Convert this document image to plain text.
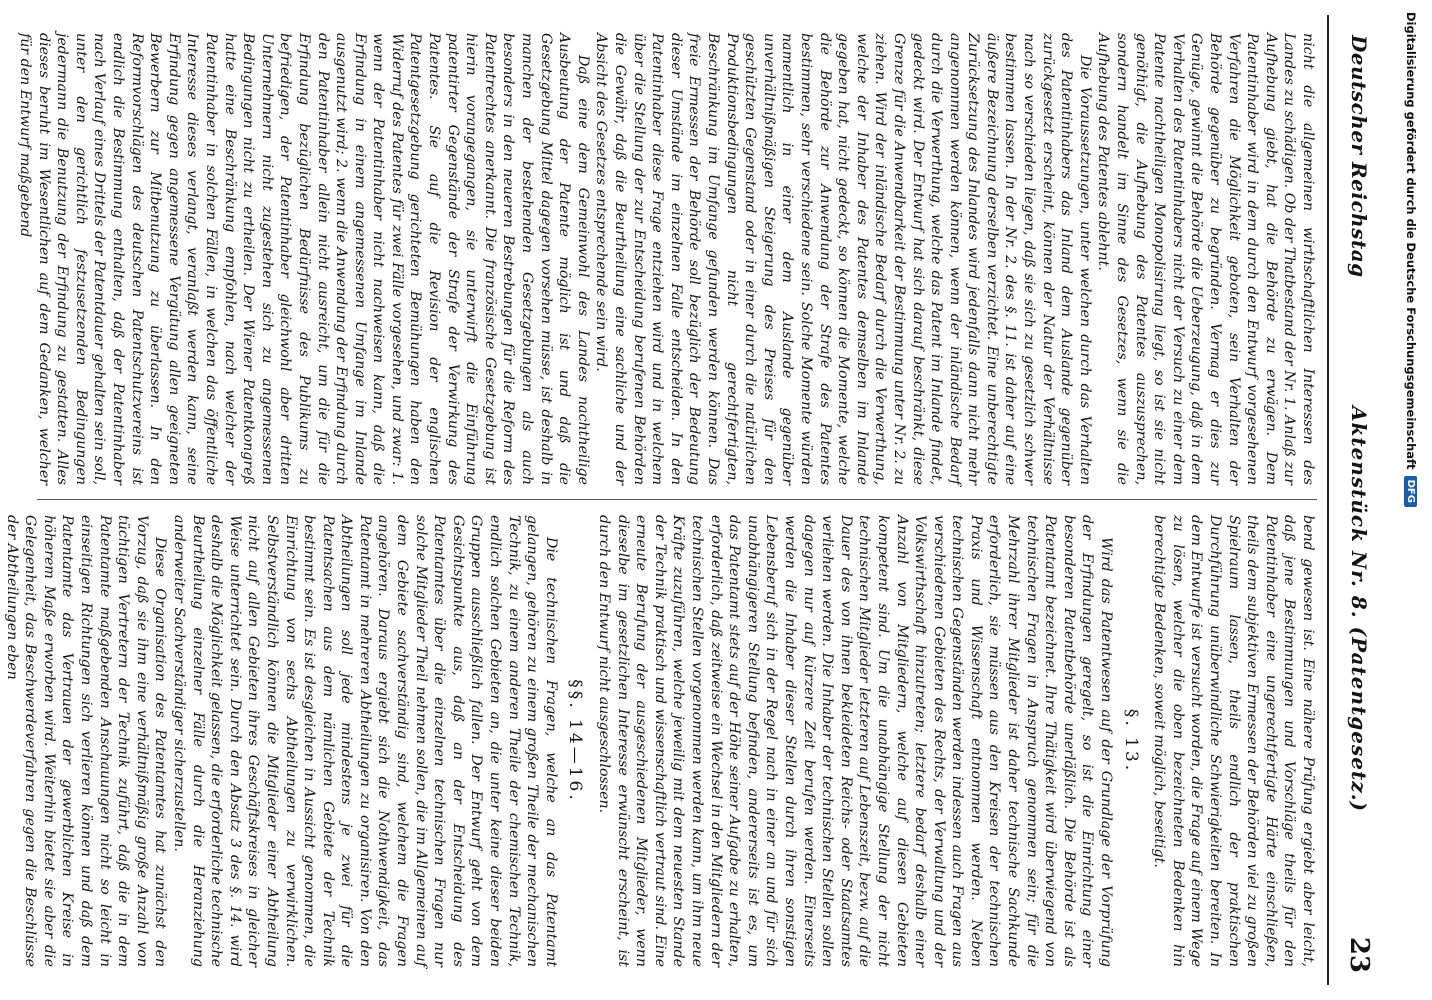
Deutscher Reichstag
Aktenstück Nr. 8. (Patentgesetz.)
23

nicht die allgemeinen wirthschaftlichen Interessen des Landes zu schädigen. Ob der Thatbestand der Nr. 1. Anlaß zur Aufhebung giebt, hat die Behörde zu erwägen. Dem Patentinhaber wird in dem durch den Entwurf vorgesehenen Verfahren die Möglichkeit geboten, sein Verhalten der Behörde gegenüber zu begründen. Vermag er dies zur Genüge, gewinnt die Behörde die Ueberzeugung, daß in dem Verhalten des Patentinhabers nicht der Versuch zu einer dem Patente nachtheiligen Monopolisirung liegt, so ist sie nicht genöthigt, die Aufhebung des Patentes auszusprechen, sondern handelt im Sinne des Gesetzes, wenn sie die Aufhebung des Patentes ablehnt.

Die Voraussetzungen, unter welchen durch das Verhalten des Patentinhabers das Inland dem Auslande gegenüber zurückgesetzt erscheint, können der Natur der Verhältnisse nach so verschieden liegen, daß sie sich zu gesetzlich schwer bestimmen lassen. In der Nr. 2. des §. 11. ist daher auf eine äußere Bezeichnung derselben verzichtet. Eine unberechtigte Zurücksetzung des Inlandes wird jedenfalls dann nicht mehr angenommen werden können, wenn der inländische Bedarf durch die Verwerthung, welche das Patent im Inlande findet, gedeckt wird. Der Entwurf hat sich darauf beschränkt, diese Grenze für die Anwendbarkeit der Bestimmung unter Nr. 2. zu ziehen. Wird der inländische Bedarf durch die Verwerthung, welche der Inhaber des Patentes demselben im Inlande gegeben hat, nicht gedeckt, so können die Momente, welche die Behörde zur Anwendung der Strafe des Patentes bestimmen, sehr verschiedene sein. Solche Momente würden namentlich in einer dem Auslande gegenüber unverhältnißmäßigen Steigerung des Preises für den geschützten Gegenstand oder in einer durch die natürlichen Produktionsbedingungen nicht gerechtfertigten, Beschränkung im Umfange gefunden werden können. Das freie Ermessen der Behörde soll bezüglich der Bedeutung dieser Umstände im einzelnen Falle entscheiden. In den Patentinhaber diese Frage entziehen wird und in welchem über die Stellung der zur Entscheidung berufenen Behörden die Gewähr, daß die Beurtheilung eine sachliche und der Absicht des Gesetzes entsprechende sein wird.

Daß eine dem Gemeinwohl des Landes nachtheilige Ausbeutung der Patente möglich ist und daß die Gesetzgebung Mittel dagegen vorsehen müsse, ist deshalb in manchen der bestehenden Gesetzgebungen als auch besonders in den neueren Bestrebungen für die Reform des Patentrechtes anerkannt. Die französische Gesetzgebung ist hierin vorangegangen, sie unterwirft die Einführung patentirter Gegenstände der Strafe der Verwirkung des Patentes. Sie auf die Revision der englischen Patentgesetzgebung gerichteten Bemühungen haben den Widerruf des Patentes für zwei Fälle vorgesehen, und zwar: 1. wenn der Patentinhaber nicht nachweisen kann, daß die Erfindung in einem angemessenen Umfange im Inlande ausgenutzt wird; 2. wenn die Anwendung der Erfindung durch den Patentinhaber allein nicht ausreicht, um die für die Erfindung bezüglichen Bedürfnisse des Publikums zu befriedigen, der Patentinhaber gleichwohl aber dritten Unternehmern nicht zugestehen sich zu angemessenen Bedingungen nicht zu ertheilen. Der Wiener Patentkongreß hatte eine Beschränkung empfohlen, nach welcher der Patentinhaber in solchen Fällen, in welchen das öffentliche Interesse dieses verlangt, veranlaßt werden kann, seine Erfindung gegen angemessene Vergütung allen geeigneten Bewerbern zur Mitbenutzung zu überlassen. In den Reformvorschlägen des deutschen Patentschutzvereins ist endlich die Bestimmung enthalten, daß der Patentinhaber nach Verlauf eines Drittels der Patentdauer gehalten sein soll, unter den gerichtlich festzusetzenden Bedingungen jedermann die Benutzung der Erfindung zu gestatten. Alles dieses beruht im Wesentlichen auf dem Gedanken, welcher für den Entwurf maßgebend

bend gewesen ist. Eine nähere Prüfung ergiebt aber leicht, daß jene Bestimmungen und Vorschläge theils für den Patentinhaber eine ungerechtfertigte Härte einschließen, theils dem subjektiven Ermessen der Behörden viel zu großen Spielraum lassen, theils endlich der praktischen Durchführung unüberwindliche Schwierigkeiten bereiten. In dem Entwurfe ist versucht worden, die Frage auf einem Wege zu lösen, welcher die oben bezeichneten Bedenken hin berechtigte Bedenken, soweit möglich, beseitigt.

§. 13.

Wird das Patentwesen auf der Grundlage der Vorprüfung der Erfindungen geregelt, so ist die Einrichtung einer besonderen Patentbehörde unerläßlich. Die Behörde ist als Patentamt bezeichnet. Ihre Thätigkeit wird überwiegend von technischen Fragen in Anspruch genommen sein; für die Mehrzahl ihrer Mitglieder ist daher technische Sachkunde erforderlich, sie müssen aus den Kreisen der technischen Praxis und Wissenschaft entnommen werden. Neben technischen Gegenständen werden indessen auch Fragen aus verschiedenen Gebieten des Rechts, der Verwaltung und der Volkswirthschaft hinzutreten; letztere bedarf deshalb einer Anzahl von Mitgliedern, welche auf diesen Gebieten kompetent sind. Um die unabhängige Stellung der nicht technischen Mitglieder letzteren auf Lebenszeit, bezw. auf die Dauer des von ihnen bekleideten Reichs- oder Staatsamtes verliehen werden. Die Inhaber der technischen Stellen sollen dagegen nur auf kürzere Zeit berufen werden. Einerseits werden die Inhaber dieser Stellen durch ihren sonstigen Lebensberuf sich in der Regel nach in einer an und für sich unabhängigeren Stellung befinden, andererseits ist es, um das Patentamt stets auf der Höhe seiner Aufgabe zu erhalten, erforderlich, daß zeitweise ein Wechsel in den Mitgliedern der technischen Stellen vorgenommen werden kann, um ihm neue Kräfte zuzuführen, welche jeweilig mit dem neuesten Stande der Technik praktisch und wissenschaftlich vertraut sind. Eine erneute Berufung der ausgeschiedenen Mitglieder, wenn dieselbe im gesetzlichen Interesse erwünscht erscheint, ist durch den Entwurf nicht ausgeschlossen.

§§. 14—16.

Die technischen Fragen, welche an das Patentamt gelangen, gehören zu einem großen Theile der mechanischen Technik, zu einem anderen Theile der chemischen Technik, endlich solchen Gebieten an, die unter keine dieser beiden Gruppen ausschließlich fallen. Der Entwurf geht von dem Gesichtspunkte aus, daß an der Entscheidung des Patentamtes über die einzelnen technischen Fragen nur solche Mitglieder Theil nehmen sollen, die im Allgemeinen auf dem Gebiete sachverständig sind, welchem die Fragen angehören. Daraus ergiebt sich die Nothwendigkeit, das Patentamt in mehreren Abtheilungen zu organisiren. Von den Abtheilungen soll jede mindestens je zwei für die Patentsachen aus dem nämlichen Gebiete der Technik bestimmt sein. Es ist desgleichen in Aussicht genommen, die Einrichtung von sechs Abtheilungen zu verwirklichen. Selbstverständlich können die Mitglieder einer Abtheilung nicht auf allen Gebieten ihres Geschäftskreises in gleicher Weise unterrichtet sein. Durch den Absatz 3 des §. 14. wird deshalb die Möglichkeit gelassen, die erforderliche technische Beurtheilung einzelner Fälle durch die Heranziehung anderweiter Sachverständiger sicherzustellen.

Diese Organisation des Patentamtes hat zunächst den Vorzug, daß sie ihm eine verhältnißmäßig große Anzahl von tüchtigen Vertretern der Technik zuführt, daß die in dem Patentamte maßgebenden Anschauungen nicht so leicht in einseitigen Richtungen sich verlieren können und daß dem Patentamte das Vertrauen der gewerblichen Kreise in höherem Maße erworben wird. Weiterhin bietet sie aber die Gelegenheit, das Beschwerdeverfahren gegen die Beschlüsse der Abtheilungen eben

Digitalisierung gefördert durch die Deutsche Forschungsgemeinschaft
DFG
